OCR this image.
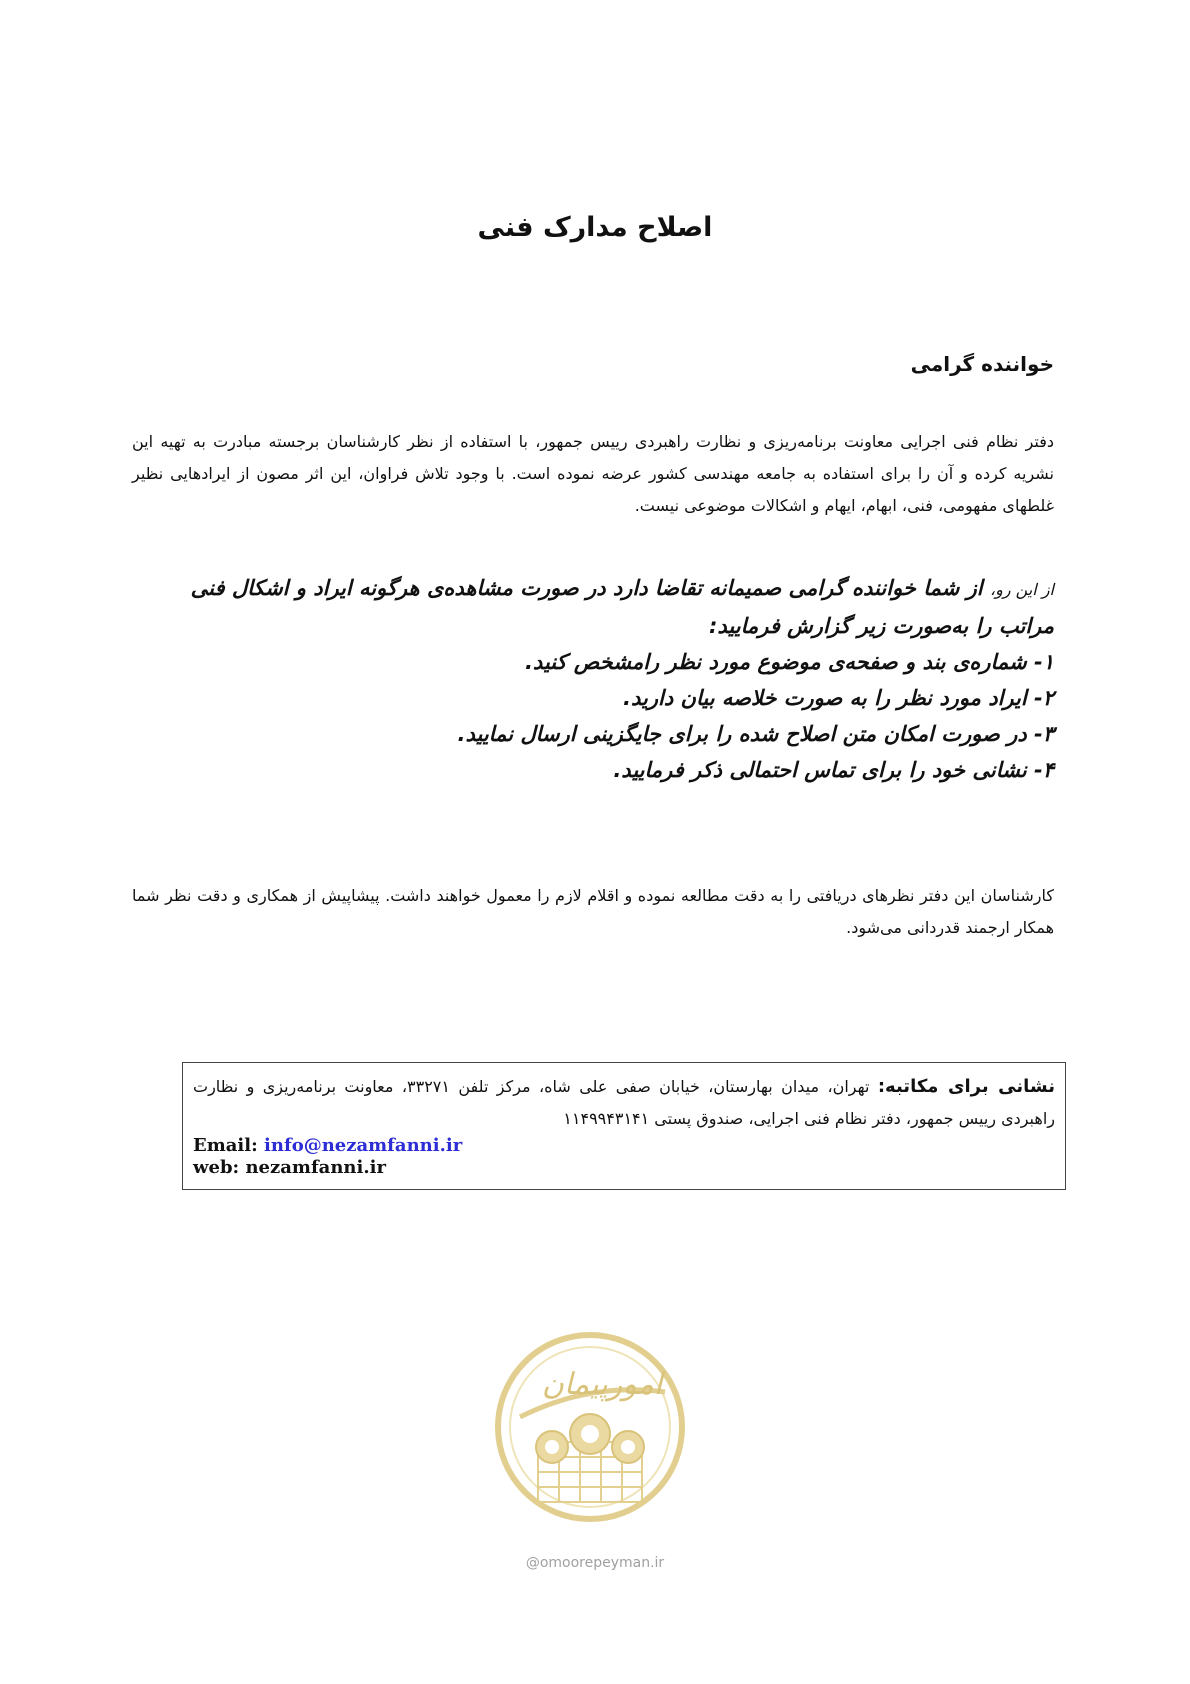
اصلاح مدارک فنی
خواننده گرامی
دفتر نظام فنی اجرایی معاونت برنامه‌ریزی و نظارت راهبردی رییس جمهور، با استفاده از نظر کارشناسان برجسته مبادرت به تهیه این نشریه کرده و آن را برای استفاده به جامعه مهندسی کشور عرضه نموده است. با وجود تلاش فراوان، این اثر مصون از ایرادهایی نظیر غلطهای مفهومی، فنی، ابهام، ایهام و اشکالات موضوعی نیست.
از این رو، از شما خواننده گرامی صمیمانه تقاضا دارد در صورت مشاهده‌ی هرگونه ایراد و اشکال فنی مراتب را به‌صورت زیر گزارش فرمایید:
۱- شماره‌ی بند و صفحه‌ی موضوع مورد نظر رامشخص کنید.
۲- ایراد مورد نظر را به صورت خلاصه بیان دارید.
۳- در صورت امکان متن اصلاح شده را برای جایگزینی ارسال نمایید.
۴- نشانی خود را برای تماس احتمالی ذکر فرمایید.
کارشناسان این دفتر نظرهای دریافتی را به دقت مطالعه نموده و اقلام لازم را معمول خواهند داشت. پیشاپیش از همکاری و دقت نظر شما همکار ارجمند قدردانی می‌شود.
نشانی برای مکاتبه: تهران، میدان بهارستان، خیابان صفی علی شاه، مرکز تلفن ۳۳۲۷۱، معاونت برنامه‌ریزی و نظارت راهبردی رییس جمهور، دفتر نظام فنی اجرایی، صندوق پستی ۱۱۴۹۹۴۳۱۴۱
Email: info@nezamfanni.ir
web: nezamfanni.ir
امورپیمان
@omoorepeyman.ir
